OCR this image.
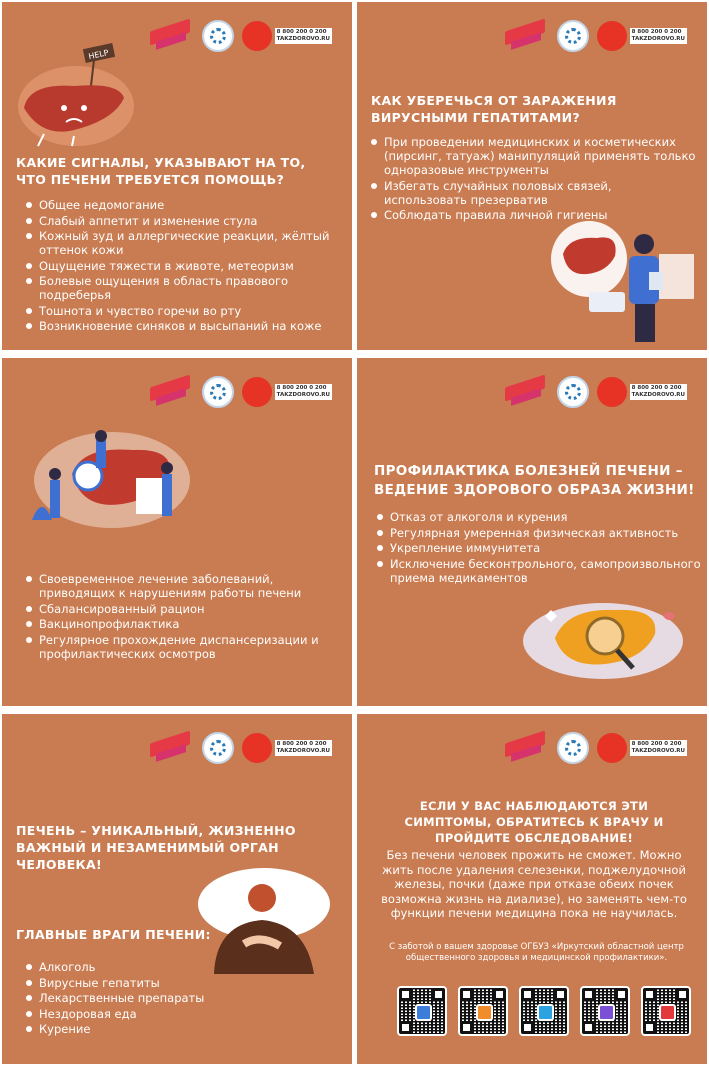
8 800 200 0 200
TAKZDOROVO.RU
HELP
КАКИЕ СИГНАЛЫ, УКАЗЫВАЮТ НА ТО, ЧТО ПЕЧЕНИ ТРЕБУЕТСЯ ПОМОЩЬ?
Общее недомогание
Слабый аппетит и изменение стула
Кожный зуд и аллергические реакции, жёлтый оттенок кожи
Ощущение тяжести в животе, метеоризм
Болевые ощущения в область правового подреберья
Тошнота и чувство горечи во рту
Возникновение синяков и высыпаний на коже
8 800 200 0 200
TAKZDOROVO.RU
КАК УБЕРЕЧЬСЯ ОТ ЗАРАЖЕНИЯ ВИРУСНЫМИ ГЕПАТИТАМИ?
При проведении медицинских и косметических (пирсинг, татуаж) манипуляций применять только одноразовые инструменты
Избегать случайных половых связей, использовать презерватив
Соблюдать правила личной гигиены
8 800 200 0 200
TAKZDOROVO.RU
Своевременное лечение заболеваний, приводящих к нарушениям работы печени
Сбалансированный рацион
Вакцинопрофилактика
Регулярное прохождение диспансеризации и профилактических осмотров
8 800 200 0 200
TAKZDOROVO.RU
ПРОФИЛАКТИКА БОЛЕЗНЕЙ ПЕЧЕНИ – ВЕДЕНИЕ ЗДОРОВОГО ОБРАЗА ЖИЗНИ!
Отказ от алкоголя и курения
Регулярная умеренная физическая активность
Укрепление иммунитета
Исключение бесконтрольного, самопроизвольного приема медикаментов
8 800 200 0 200
TAKZDOROVO.RU
ПЕЧЕНЬ – УНИКАЛЬНЫЙ, ЖИЗНЕННО ВАЖНЫЙ И НЕЗАМЕНИМЫЙ ОРГАН ЧЕЛОВЕКА!
ГЛАВНЫЕ ВРАГИ ПЕЧЕНИ:
Алкоголь
Вирусные гепатиты
Лекарственные препараты
Нездоровая еда
Курение
8 800 200 0 200
TAKZDOROVO.RU
ЕСЛИ У ВАС НАБЛЮДАЮТСЯ ЭТИ СИМПТОМЫ, ОБРАТИТЕСЬ К ВРАЧУ И ПРОЙДИТЕ ОБСЛЕДОВАНИЕ!
Без печени человек прожить не сможет. Можно жить после удаления селезенки, поджелудочной железы, почки (даже при отказе обеих почек возможна жизнь на диализе), но заменять чем-то функции печени медицина пока не научилась.
С заботой о вашем здоровье ОГБУЗ «Иркутский областной центр общественного здоровья и медицинской профилактики».
